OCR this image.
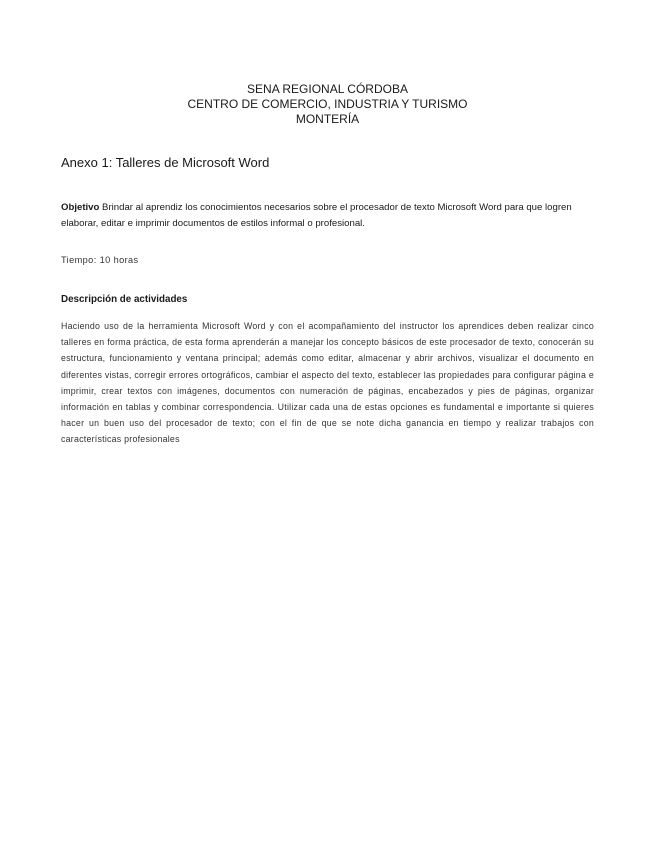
SENA REGIONAL CÓRDOBA
CENTRO DE COMERCIO, INDUSTRIA Y TURISMO
MONTERÍA
Anexo 1: Talleres de Microsoft Word
Objetivo Brindar al aprendiz los conocimientos necesarios sobre el procesador de texto Microsoft Word para que logren elaborar, editar e imprimir documentos de estilos informal o profesional.
Tiempo: 10 horas
Descripción de actividades
Haciendo uso de la herramienta Microsoft Word y con el acompañamiento del instructor los aprendices deben realizar cinco talleres en forma práctica, de esta forma aprenderán a manejar los concepto básicos de este procesador de texto, conocerán su estructura, funcionamiento y ventana principal; además como editar, almacenar y abrir archivos, visualizar el documento en diferentes vistas, corregir errores ortográficos, cambiar el aspecto del texto, establecer las propiedades para configurar página e imprimir, crear textos con imágenes, documentos con numeración de páginas, encabezados y pies de páginas, organizar información en tablas y combinar correspondencia. Utilizar cada una de estas opciones es fundamental e importante si quieres hacer un buen uso del procesador de texto; con el fin de que se note dicha ganancia en tiempo y realizar trabajos con características profesionales
